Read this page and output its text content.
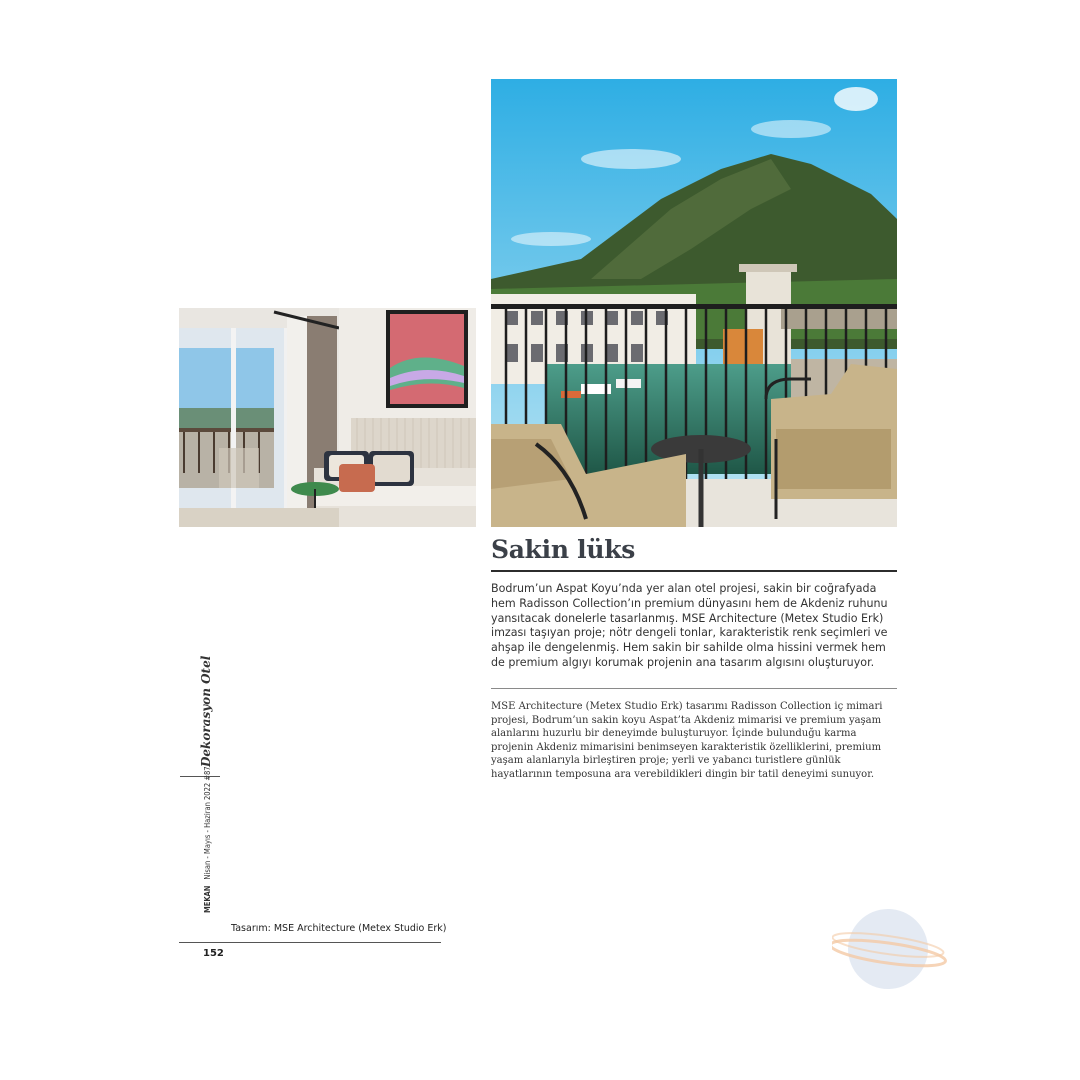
Sakin lüks

Bodrum’un Aspat Koyu’nda yer alan otel projesi, sakin bir coğrafyada hem Radisson Collection’ın premium dünyasını hem de Akdeniz ruhunu yansıtacak donelerle tasarlanmış. MSE Architecture (Metex Studio Erk) imzası taşıyan proje; nötr dengeli tonlar, karakteristik renk seçimleri ve ahşap ile dengelenmiş. Hem sakin bir sahilde olma hissini vermek hem de premium algıyı korumak projenin ana tasarım algısını oluşturuyor.

MSE Architecture (Metex Studio Erk) tasarımı Radisson Collection iç mimari projesi, Bodrum’un sakin koyu Aspat’ta Akdeniz mimarisi ve premium yaşam alanlarını huzurlu bir deneyimde buluşturuyor. İçinde bulunduğu karma projenin Akdeniz mimarisini benimseyen karakteristik özelliklerini, premium yaşam alanlarıyla birleştiren proje; yerli ve yabancı turistlere günlük hayatlarının temposuna ara verebildikleri dingin bir tatil deneyimi sunuyor.

Dekorasyon Otel
MEKANNisan - Mayıs - Haziran 2022 #87
Tasarım: MSE Architecture (Metex Studio Erk)
152
